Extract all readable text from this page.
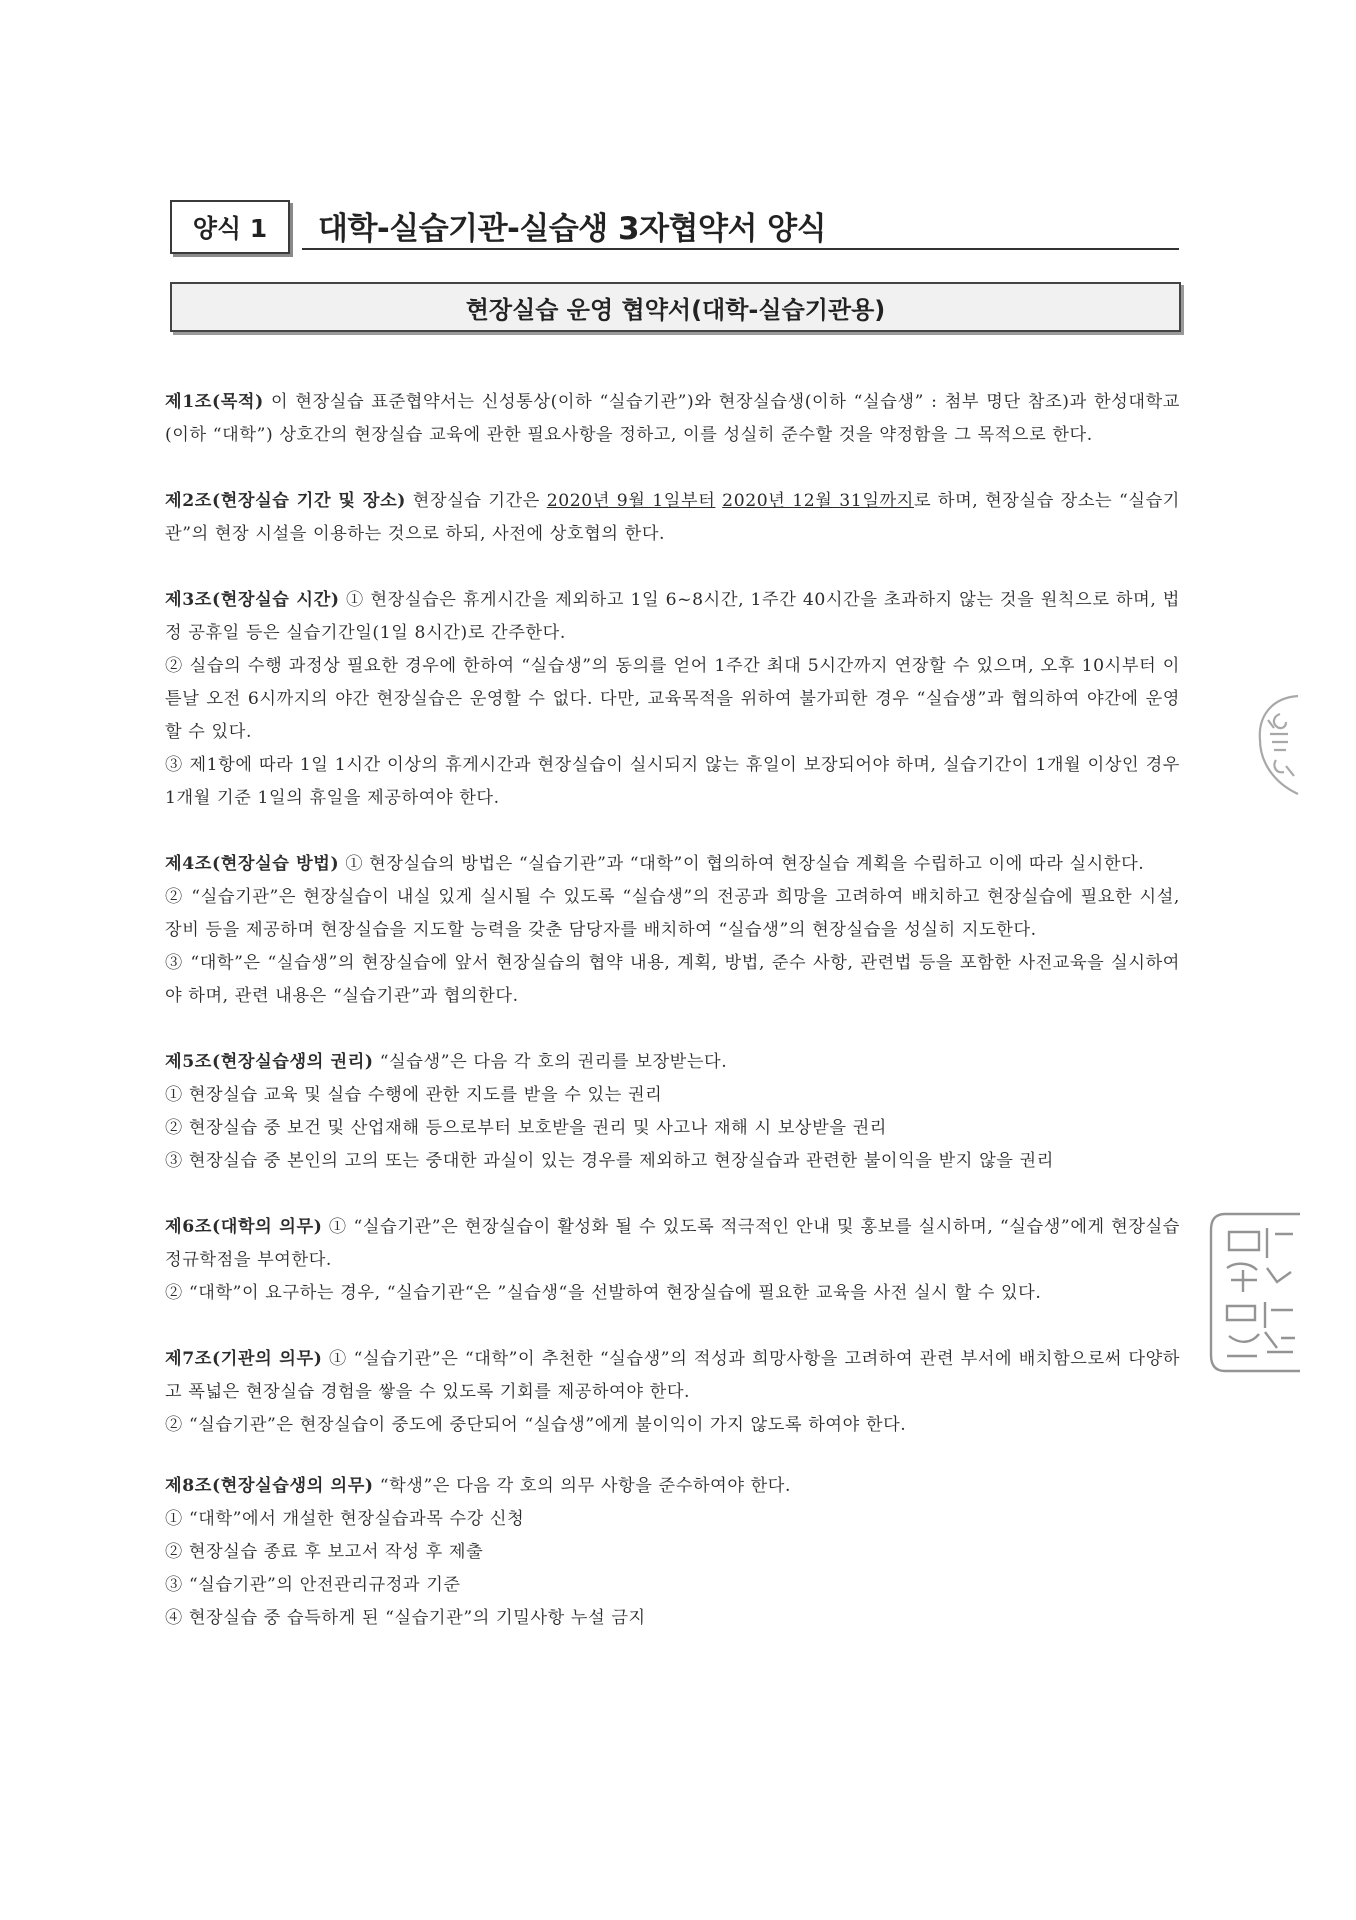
양식 1	대학-실습기관-실습생 3자협약서 양식
현장실습 운영 협약서(대학-실습기관용)

제1조(목적) 이 현장실습 표준협약서는 신성통상(이하 “실습기관”)와 현장실습생(이하 “실습생” : 첨부 명단 참조)과 한성대학교(이하 “대학”) 상호간의 현장실습 교육에 관한 필요사항을 정하고, 이를 성실히 준수할 것을 약정함을 그 목적으로 한다.

제2조(현장실습 기간 및 장소) 현장실습 기간은 2020년 9월 1일부터 2020년 12월 31일까지로 하며, 현장실습 장소는 “실습기관”의 현장 시설을 이용하는 것으로 하되, 사전에 상호협의 한다.

제3조(현장실습 시간) ① 현장실습은 휴게시간을 제외하고 1일 6~8시간, 1주간 40시간을 초과하지 않는 것을 원칙으로 하며, 법정 공휴일 등은 실습기간일(1일 8시간)로 간주한다.

② 실습의 수행 과정상 필요한 경우에 한하여 “실습생”의 동의를 얻어 1주간 최대 5시간까지 연장할 수 있으며, 오후 10시부터 이튿날 오전 6시까지의 야간 현장실습은 운영할 수 없다. 다만, 교육목적을 위하여 불가피한 경우 “실습생”과 협의하여 야간에 운영할 수 있다.

③ 제1항에 따라 1일 1시간 이상의 휴게시간과 현장실습이 실시되지 않는 휴일이 보장되어야 하며, 실습기간이 1개월 이상인 경우 1개월 기준 1일의 휴일을 제공하여야 한다.

제4조(현장실습 방법) ① 현장실습의 방법은 “실습기관”과 “대학”이 협의하여 현장실습 계획을 수립하고 이에 따라 실시한다.

② “실습기관”은 현장실습이 내실 있게 실시될 수 있도록 “실습생”의 전공과 희망을 고려하여 배치하고 현장실습에 필요한 시설, 장비 등을 제공하며 현장실습을 지도할 능력을 갖춘 담당자를 배치하여 “실습생”의 현장실습을 성실히 지도한다.

③ “대학”은 “실습생”의 현장실습에 앞서 현장실습의 협약 내용, 계획, 방법, 준수 사항, 관련법 등을 포함한 사전교육을 실시하여야 하며, 관련 내용은 “실습기관”과 협의한다.

제5조(현장실습생의 권리) “실습생”은 다음 각 호의 권리를 보장받는다.

① 현장실습 교육 및 실습 수행에 관한 지도를 받을 수 있는 권리

② 현장실습 중 보건 및 산업재해 등으로부터 보호받을 권리 및 사고나 재해 시 보상받을 권리

③ 현장실습 중 본인의 고의 또는 중대한 과실이 있는 경우를 제외하고 현장실습과 관련한 불이익을 받지 않을 권리

제6조(대학의 의무) ① “실습기관”은 현장실습이 활성화 될 수 있도록 적극적인 안내 및 홍보를 실시하며, “실습생”에게 현장실습 정규학점을 부여한다.

② “대학”이 요구하는 경우, “실습기관“은 ”실습생“을 선발하여 현장실습에 필요한 교육을 사전 실시 할 수 있다.

제7조(기관의 의무) ① “실습기관”은 “대학”이 추천한 “실습생”의 적성과 희망사항을 고려하여 관련 부서에 배치함으로써 다양하고 폭넓은 현장실습 경험을 쌓을 수 있도록 기회를 제공하여야 한다.

② “실습기관”은 현장실습이 중도에 중단되어 “실습생”에게 불이익이 가지 않도록 하여야 한다.

제8조(현장실습생의 의무) “학생”은 다음 각 호의 의무 사항을 준수하여야 한다.

① “대학”에서 개설한 현장실습과목 수강 신청

② 현장실습 종료 후 보고서 작성 후 제출

③ “실습기관”의 안전관리규정과 기준

④ 현장실습 중 습득하게 된 “실습기관”의 기밀사항 누설 금지
